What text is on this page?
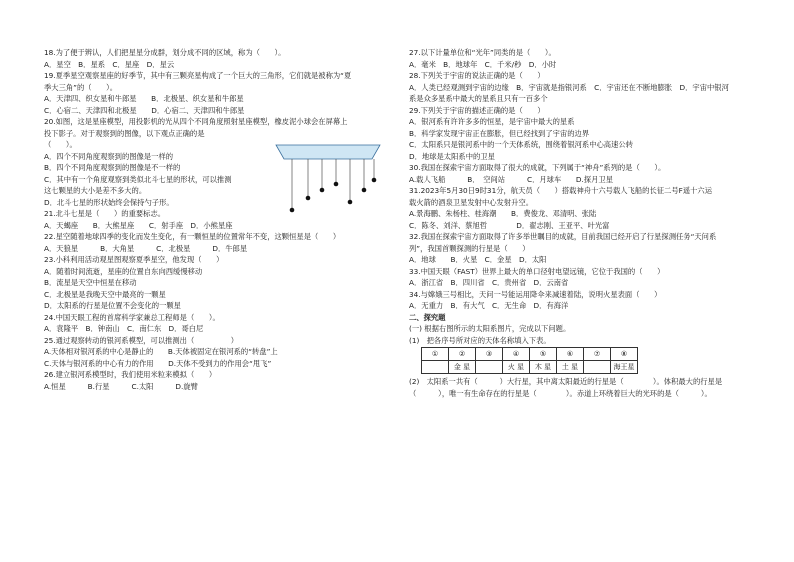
18.为了便于辨认，人们把星星分成群，划分成不同的区域，称为（　　）。
A．星空　B．星系　C．星座　D．星云
19.夏季星空观察星座的好季节，其中有三颗亮星构成了一个巨大的三角形，它们就是被称为“夏
季大三角”的（　　）。
A．天津四、织女星和牛郎星　　B．北极星、织女星和牛郎星
C．心宿二、天津四和北极星　　D．心宿二、天津四和牛郎星
20.如图，这是星座模型，用投影机的光从四个不同角度照射星座模型，橡皮泥小球会在屏幕上
投下影子。对于观察到的图像，以下观点正确的是
（　　）。
A．四个不同角度观察到的图像是一样的
B．四个不同角度观察到的图像是不一样的
C．其中有一个角度观察到类似北斗七星的形状，可以推测
这七颗星的大小是差不多大的。
D．北斗七星的形状始终会保持勺子形。
21.北斗七星是（　　）的重要标志。
A．天蝎座　　B．大熊星座　　C．射手座　D．小熊星座
22.星空随着地球四季的变化而发生变化，有一颗恒星的位置常年不变，这颗恒星是（　　）
A．天狼星　　　B．大角星　　　C．北极星　　　D．牛郎星
23.小科利用活动观星图观察夏季星空，他发现（　　）
A．随着时间流逝，星座的位置自东向西缓慢移动
B．流星是天空中恒星在移动
C．北极星是我晚天空中最亮的一颗星
D．太阳系的行星是位置不会变化的一颗星
24.中国天眼工程的首席科学家兼总工程师是（　　）。
A．袁隆平　B．钟南山　C．南仁东　D．哥白尼
25.通过观察转动的银河系模型，可以推测出（　　　　　）
A.天体相对银河系的中心是静止的　　B.天体被固定在银河系的“转盘”上
C.天体与银河系的中心有力的作用　　D.天体不受到力的作用会“甩飞”
26.建立银河系模型时，我们使用米粒来模拟（　　）
A.恒星　　　B.行星　　　C.太阳　　　D.旋臂
27.以下计量单位和“光年”同类的是（　　）。
A．毫米　B．地球年　C．千米/秒　D．小时
28.下列关于宇宙的说法正确的是（　　）
A．人类已经观测到宇宙的边缘　B．宇宙就是指银河系　C．宇宙还在不断地膨胀　D．宇宙中银河
系是众多星系中最大的星系且只有一百多个
29.下列关于宇宙的描述正确的是（　　）
A．银河系有许许多多的恒星，是宇宙中最大的星系
B．科学家发现宇宙正在膨胀，但已经找到了宇宙的边界
C．太阳系只是银河系中的一个天体系统，围绕着银河系中心高速公转
D．地球是太阳系中的卫星
30.我国在探索宇宙方面取得了很大的成就，下列属于“神舟”系列的是（　　）。
A.载人飞船　　　B．　空间站　　　C．月球车　　D.探月卫星
31.2023年5月30日9时31分，航天员（　　）搭载神舟十六号载人飞船的长征二号F遥十六运
载火箭的酒泉卫星发射中心发射升空。
A.景海鹏、朱杨柱、桂海潮　　B．费俊龙、邓清明、张陆
C．陈冬、刘洋、蔡旭哲　　　　D．翟志刚、王亚平、叶光富
32.我国在探索宇宙方面取得了许多举世瞩目的成就，目前我国已经开启了行星探测任务“天问系
列”，我国首颗探测的行星是（　　）
A．地球　　B．火星　C．金星　D．太阳
33.中国天眼（FAST）世界上最大的单口径射电望远镜，它位于我国的（　　）
A．浙江省　B．四川省　C．贵州省　D．云南省
34.与嫦娥三号相比，天问一号能运用降伞来减速着陆，说明火星表面（　　）
A．无重力　B．有大气　C．无生命　D．有海洋
二、探究题
(一) 根据右图所示的太阳系图片，完成以下问题。
(1)　把各序号所对应的天体名称填入下表。
①	②	③	④	⑤	⑥	⑦	⑧
	金 星		火 星	木 星	土 星		海王星
(2)　太阳系一共有（　　　）大行星，其中离太阳最近的行星是（　　　　）。体积最大的行星是
（　　　），唯一有生命存在的行星是（　　　　）。赤道上环绕着巨大的光环的是（　　　）。
